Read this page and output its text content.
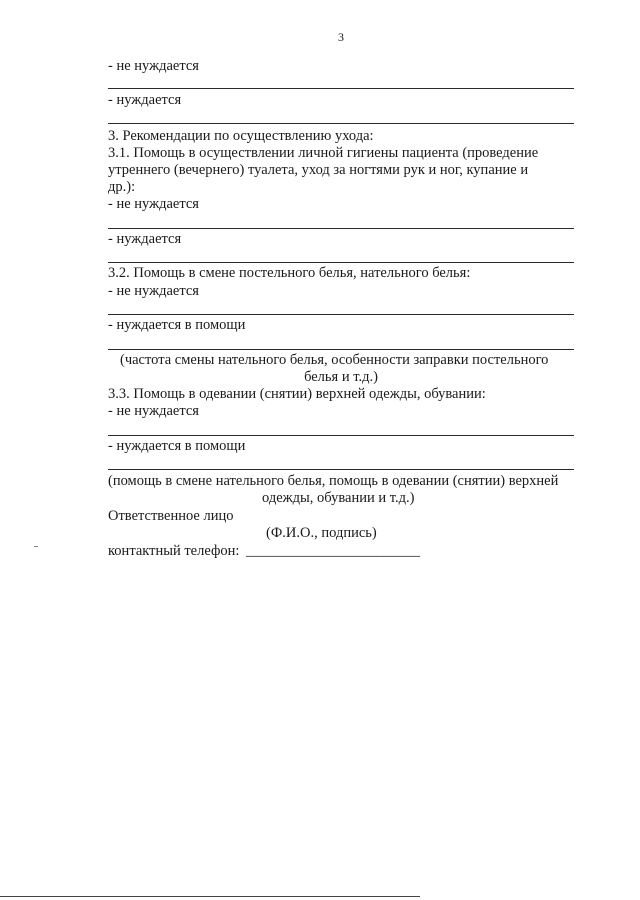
3
- не нуждается
- нуждается
3. Рекомендации по осуществлению ухода:
3.1. Помощь в осуществлении личной гигиены пациента (проведение
утреннего (вечернего) туалета, уход за ногтями рук и ног, купание и
др.):
- не нуждается
- нуждается
3.2. Помощь в смене постельного белья, нательного белья:
- не нуждается
- нуждается в помощи
(частота смены нательного белья, особенности заправки постельного
белья и т.д.)
3.3. Помощь в одевании (снятии) верхней одежды, обувании:
- не нуждается
- нуждается в помощи
(помощь в смене нательного белья, помощь в одевании (снятии) верхней
одежды, обувании и т.д.)
Ответственное лицо
(Ф.И.О., подпись)
контактный телефон: ________________________
